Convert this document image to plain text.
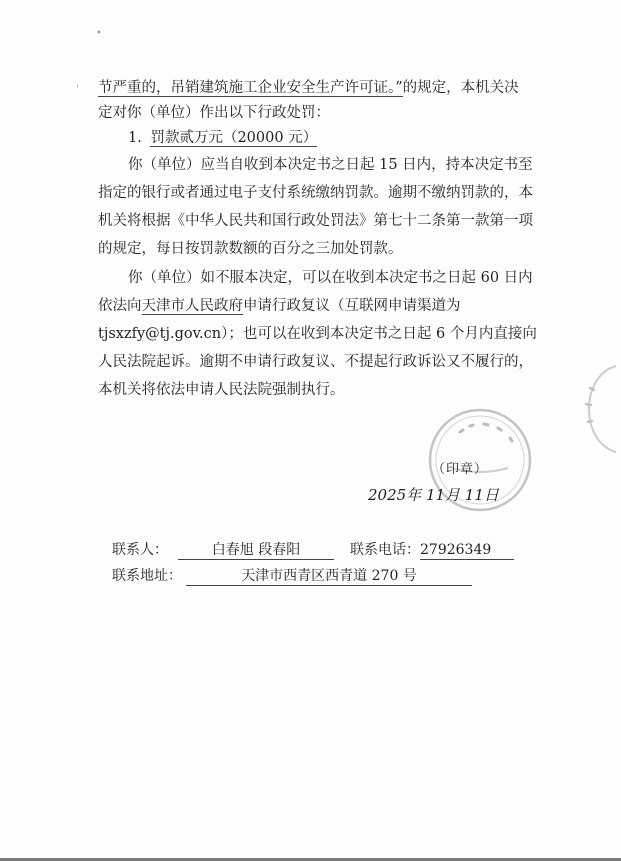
•
' 节严重的，吊销建筑施工企业安全生产许可证。”的规定，本机关决
定对你（单位）作出以下行政处罚：
1. 罚款贰万元（20000 元）
你（单位）应当自收到本决定书之日起 15 日内，持本决定书至
指定的银行或者通过电子支付系统缴纳罚款。逾期不缴纳罚款的，本
机关将根据《中华人民共和国行政处罚法》第七十二条第一款第一项
的规定，每日按罚款数额的百分之三加处罚款。
你（单位）如不服本决定，可以在收到本决定书之日起 60 日内
依法向天津市人民政府申请行政复议（互联网申请渠道为
tjsxzfy@tj.gov.cn）；也可以在收到本决定书之日起 6 个月内直接向
人民法院起诉。逾期不申请行政复议、不提起行政诉讼又不履行的，
本机关将依法申请人民法院强制执行。
（印章）
2025年 11月 11日
联系人：	白春旭 段春阳	联系电话：27926349
联系地址：	天津市西青区西青道 270 号
